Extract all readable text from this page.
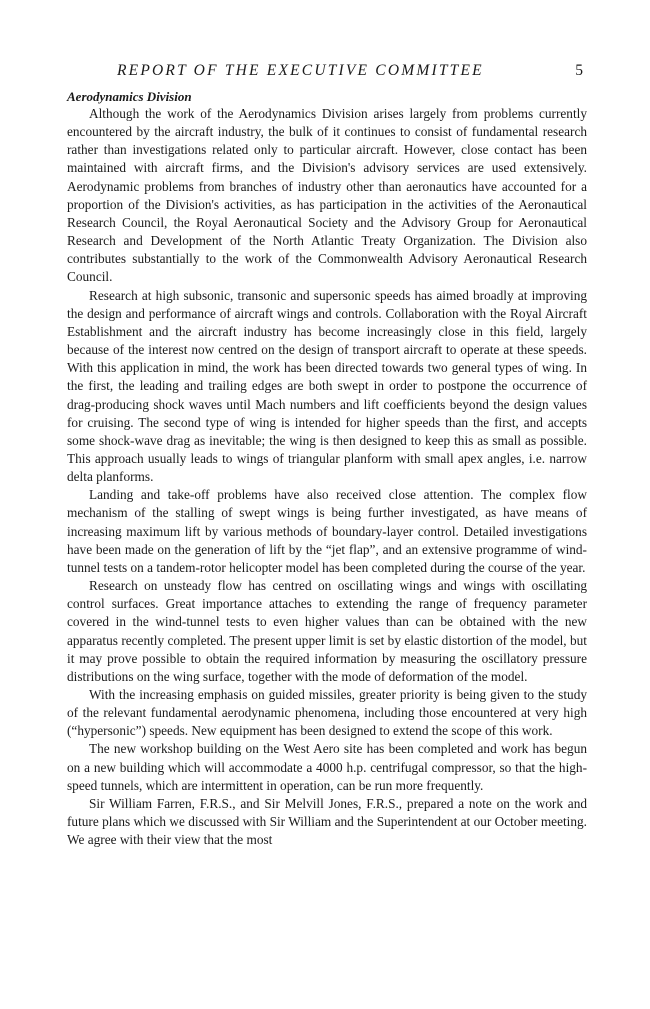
REPORT OF THE EXECUTIVE COMMITTEE	5

Aerodynamics Division

Although the work of the Aerodynamics Division arises largely from problems currently encountered by the aircraft industry, the bulk of it continues to consist of fundamental research rather than investigations related only to particular aircraft. However, close contact has been maintained with aircraft firms, and the Division's advisory services are used extensively. Aerodynamic problems from branches of industry other than aeronautics have accounted for a proportion of the Division's activities, as has participation in the activities of the Aeronautical Research Council, the Royal Aeronautical Society and the Advisory Group for Aeronautical Research and Development of the North Atlantic Treaty Organization. The Division also contributes substantially to the work of the Commonwealth Advisory Aeronautical Research Council.

Research at high subsonic, transonic and supersonic speeds has aimed broadly at improving the design and performance of aircraft wings and controls. Collaboration with the Royal Aircraft Establishment and the aircraft industry has become increasingly close in this field, largely because of the interest now centred on the design of transport aircraft to operate at these speeds. With this application in mind, the work has been directed towards two general types of wing. In the first, the leading and trailing edges are both swept in order to postpone the occurrence of drag-producing shock waves until Mach numbers and lift coefficients beyond the design values for cruising. The second type of wing is intended for higher speeds than the first, and accepts some shock-wave drag as inevitable; the wing is then designed to keep this as small as possible. This approach usually leads to wings of triangular planform with small apex angles, i.e. narrow delta planforms.

Landing and take-off problems have also received close attention. The complex flow mechanism of the stalling of swept wings is being further investigated, as have means of increasing maximum lift by various methods of boundary-layer control. Detailed investigations have been made on the generation of lift by the “jet flap”, and an extensive programme of wind-tunnel tests on a tandem-rotor helicopter model has been completed during the course of the year.

Research on unsteady flow has centred on oscillating wings and wings with oscillating control surfaces. Great importance attaches to extending the range of frequency parameter covered in the wind-tunnel tests to even higher values than can be obtained with the new apparatus recently completed. The present upper limit is set by elastic distortion of the model, but it may prove possible to obtain the required information by measuring the oscillatory pressure distributions on the wing surface, together with the mode of deformation of the model.

With the increasing emphasis on guided missiles, greater priority is being given to the study of the relevant fundamental aerodynamic phenomena, including those encountered at very high (“hypersonic”) speeds. New equipment has been designed to extend the scope of this work.

The new workshop building on the West Aero site has been completed and work has begun on a new building which will accommodate a 4000 h.p. centrifugal compressor, so that the high-speed tunnels, which are intermittent in operation, can be run more frequently.

Sir William Farren, F.R.S., and Sir Melvill Jones, F.R.S., prepared a note on the work and future plans which we discussed with Sir William and the Superintendent at our October meeting. We agree with their view that the most
